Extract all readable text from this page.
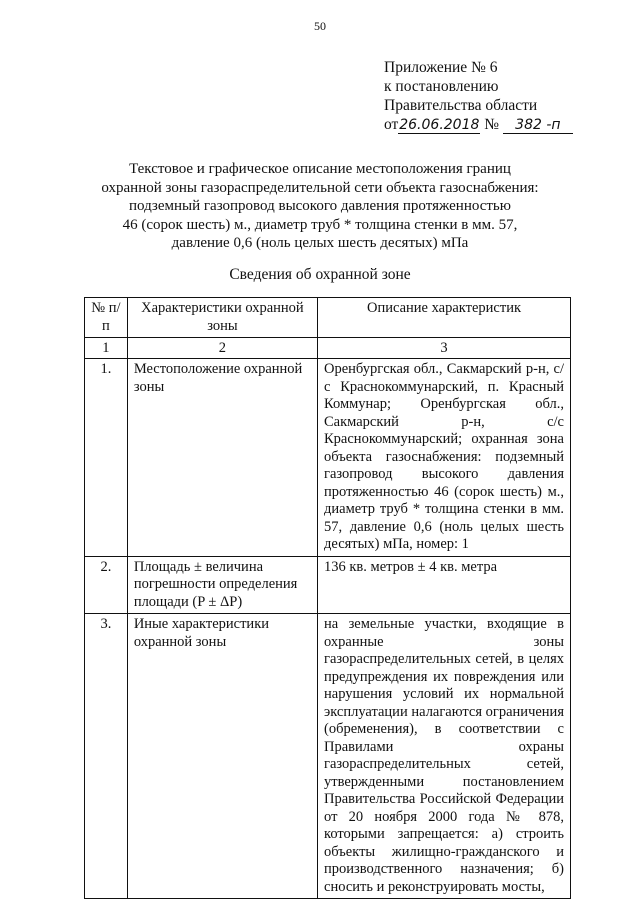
50
Приложение № 6
к постановлению
Правительства области
от26.06.2018 № 382 -п
Текстовое и графическое описание местоположения границ
охранной зоны газораспределительной сети объекта газоснабжения:
подземный газопровод высокого давления протяженностью
46 (сорок шесть) м., диаметр труб * толщина стенки в мм. 57,
давление 0,6 (ноль целых шесть десятых) мПа
Сведения об охранной зоне
№ п/п	Характеристики охранной зоны	Описание характеристик
1	2	3
1.	Местоположение охранной зоны	Оренбургская обл., Сакмарский р-н, с/с Краснокоммунарский, п. Красный Коммунар; Оренбургская обл., Сакмарский р-н, с/с Краснокоммунарский; охранная зона объекта газоснабжения: подземный газопровод высокого давления протяженностью 46 (сорок шесть) м., диаметр труб * толщина стенки в мм. 57, давление 0,6 (ноль целых шесть десятых) мПа, номер: 1
2.	Площадь ± величина погрешности определения площади (P ± ΔP)	136 кв. метров ± 4 кв. метра
3.	Иные характеристики охранной зоны	на земельные участки, входящие в охранные зоны газораспределительных сетей, в целях предупреждения их повреждения или нарушения условий их нормальной эксплуатации налагаются ограничения (обременения), в соответствии с Правилами охраны газораспределительных сетей, утвержденными постановлением Правительства Российской Федерации от 20 ноября 2000 года № 878, которыми запрещается: а) строить объекты жилищно-гражданского и производственного назначения; б) сносить и реконструировать мосты,
